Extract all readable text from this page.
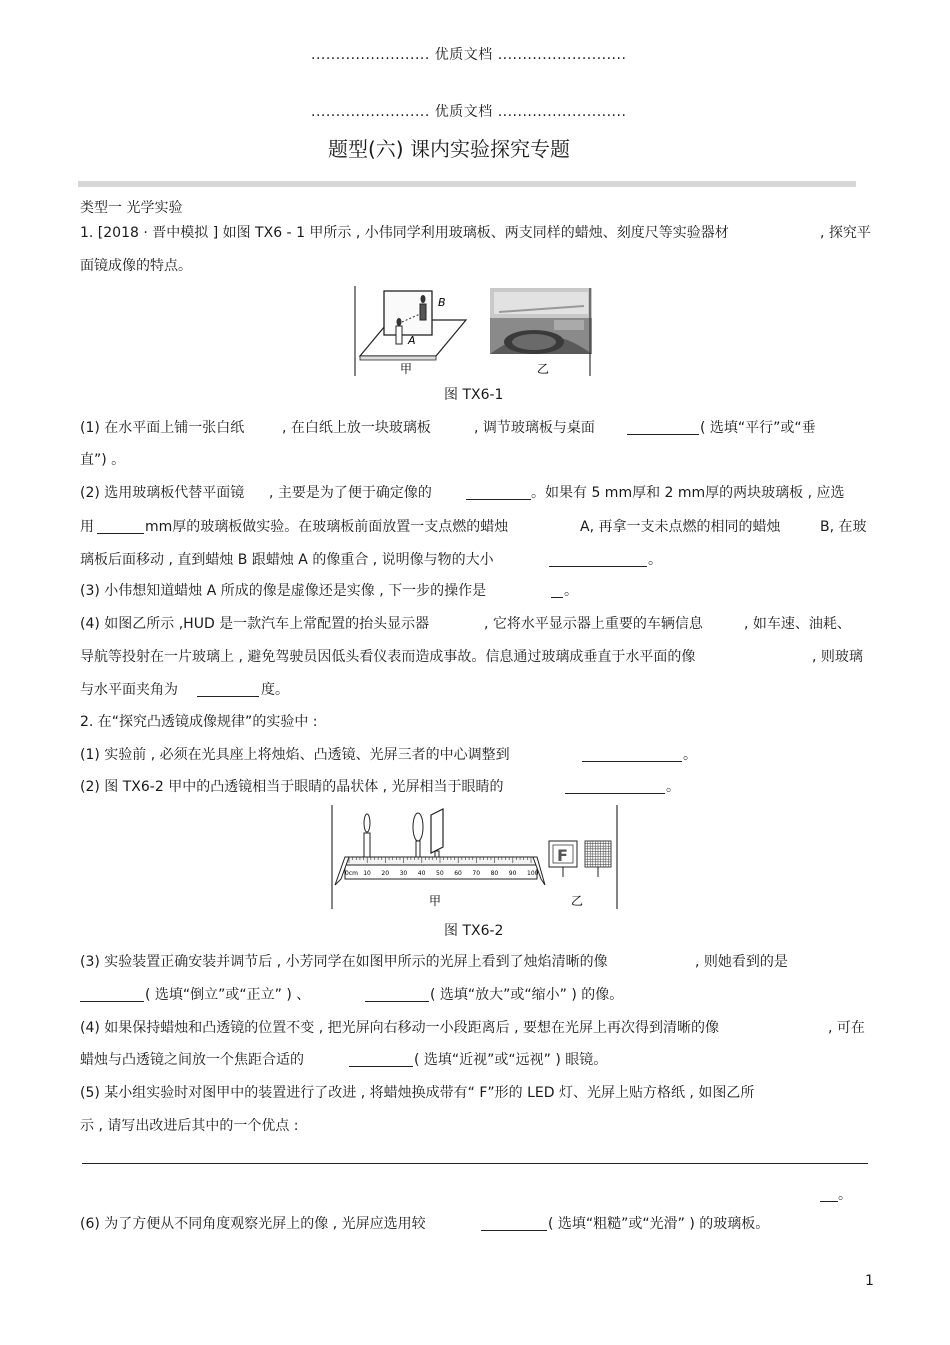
........................ 优质文档 ..........................
........................ 优质文档 ..........................
题型(六) 课内实验探究专题
类型一 光学实验
1. [2018 · 晋中模拟 ] 如图 TX6 - 1 甲所示 , 小伟同学利用玻璃板、两支同样的蜡烛、刻度尺等实验器材	, 探究平
面镜成像的特点。
B
A
甲	乙
图 TX6-1
(1) 在水平面上铺一张白纸	, 在白纸上放一块玻璃板	, 调节玻璃板与桌面	( 选填“平行”或“垂
直”) 。
(2) 选用玻璃板代替平面镜 , 主要是为了便于确定像的	。如果有 5 mm厚和 2 mm厚的两块玻璃板 , 应选
用	mm厚的玻璃板做实验。在玻璃板前面放置一支点燃的蜡烛	A, 再拿一支未点燃的相同的蜡烛	B, 在玻
璃板后面移动 , 直到蜡烛 B 跟蜡烛 A 的像重合 , 说明像与物的大小	。
(3) 小伟想知道蜡烛 A 所成的像是虚像还是实像 , 下一步的操作是	。
(4) 如图乙所示 ,HUD 是一款汽车上常配置的抬头显示器	, 它将水平显示器上重要的车辆信息	, 如车速、油耗、
导航等投射在一片玻璃上 , 避免驾驶员因低头看仪表而造成事故。信息通过玻璃成垂直于水平面的像	, 则玻璃
与水平面夹角为	度。
2. 在“探究凸透镜成像规律”的实验中 :
(1) 实验前 , 必须在光具座上将烛焰、凸透镜、光屏三者的中心调整到	。
(2) 图 TX6-2 甲中的凸透镜相当于眼睛的晶状体 , 光屏相当于眼睛的	。
0cm 10 20 30 40 50 60 70 80 90 100
甲
F
乙
图 TX6-2
(3) 实验装置正确安装并调节后 , 小芳同学在如图甲所示的光屏上看到了烛焰清晰的像	, 则她看到的是
( 选填“倒立”或“正立” ) 、	( 选填“放大”或“缩小” ) 的像。
(4) 如果保持蜡烛和凸透镜的位置不变 , 把光屏向右移动一小段距离后 , 要想在光屏上再次得到清晰的像	, 可在
蜡烛与凸透镜之间放一个焦距合适的	( 选填“近视”或“远视” ) 眼镜。
(5) 某小组实验时对图甲中的装置进行了改进 , 将蜡烛换成带有“ F”形的 LED 灯、光屏上贴方格纸 , 如图乙所
示 , 请写出改进后其中的一个优点 :
。
(6) 为了方便从不同角度观察光屏上的像 , 光屏应选用较	( 选填“粗糙”或“光滑” ) 的玻璃板。
1
